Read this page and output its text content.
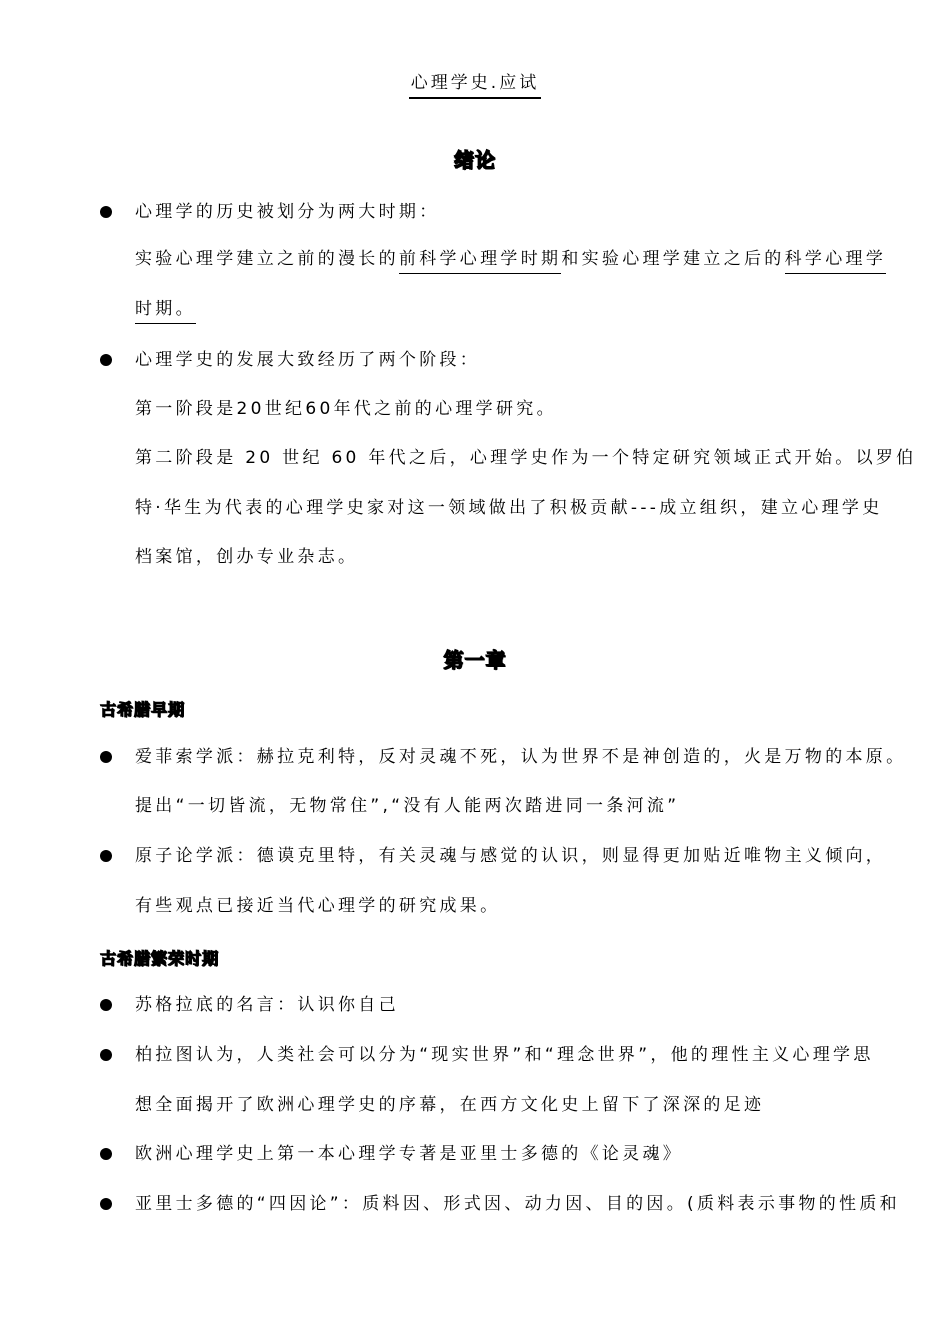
心理学史.应试
绪论
心理学的历史被划分为两大时期：
实验心理学建立之前的漫长的前科学心理学时期和实验心理学建立之后的科学心理学
时期。
心理学史的发展大致经历了两个阶段：
第一阶段是20世纪60年代之前的心理学研究。
第二阶段是 20 世纪 60 年代之后，心理学史作为一个特定研究领域正式开始。以罗伯
特·华生为代表的心理学史家对这一领域做出了积极贡献---成立组织，建立心理学史
档案馆，创办专业杂志。
第一章
古希腊早期
爱菲索学派：赫拉克利特，反对灵魂不死，认为世界不是神创造的，火是万物的本原。
提出“一切皆流，无物常住”,“没有人能两次踏进同一条河流”
原子论学派：德谟克里特，有关灵魂与感觉的认识，则显得更加贴近唯物主义倾向，
有些观点已接近当代心理学的研究成果。
古希腊繁荣时期
苏格拉底的名言：认识你自己
柏拉图认为，人类社会可以分为“现实世界”和“理念世界”，他的理性主义心理学思
想全面揭开了欧洲心理学史的序幕，在西方文化史上留下了深深的足迹
欧洲心理学史上第一本心理学专著是亚里士多德的《论灵魂》
亚里士多德的“四因论”：质料因、形式因、动力因、目的因。(质料表示事物的性质和
